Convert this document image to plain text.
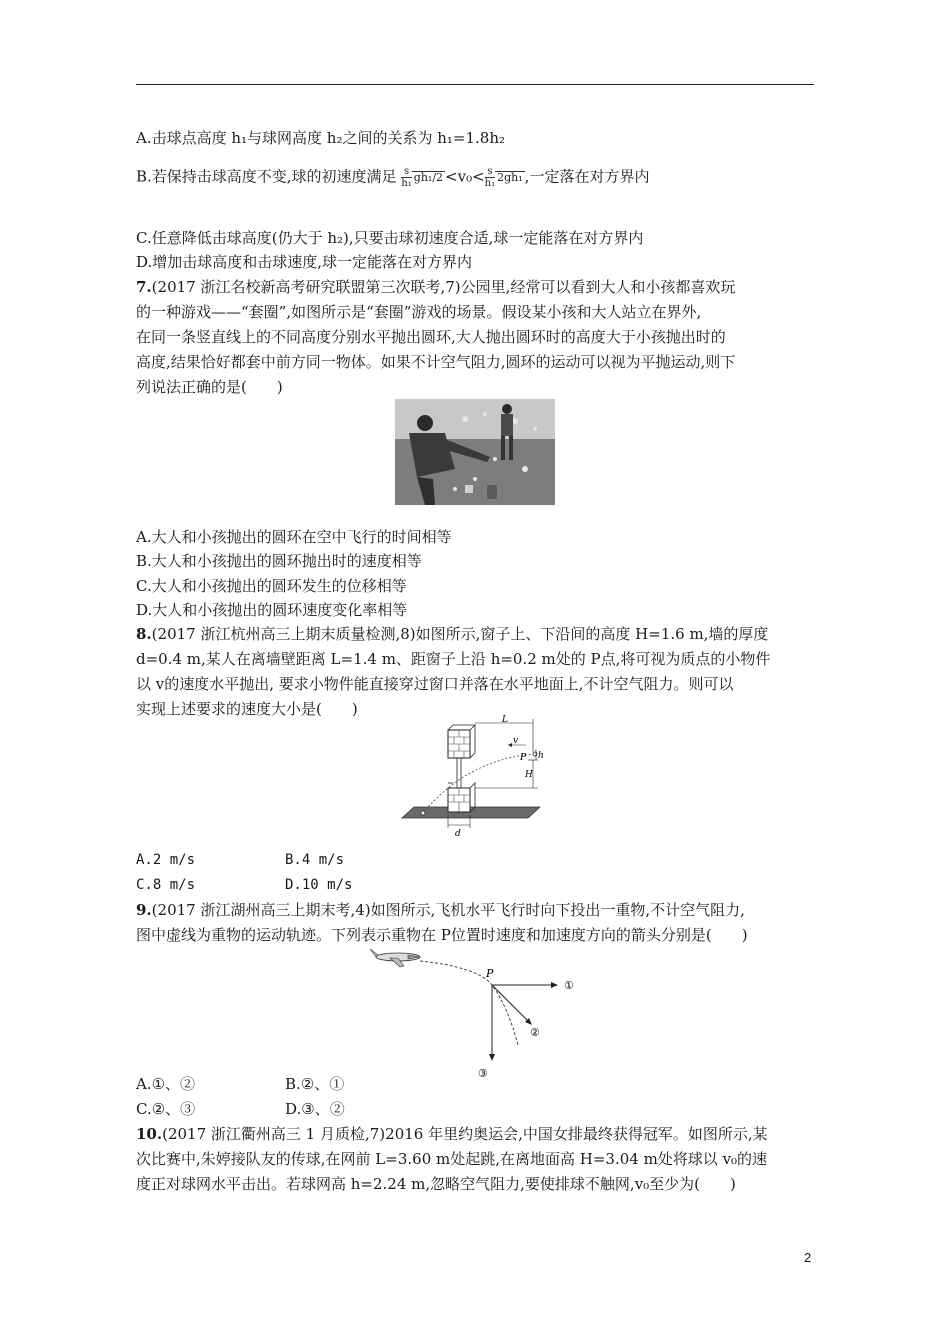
A.击球点高度 h₁与球网高度 h₂之间的关系为 h₁=1.8h₂
B.若保持击球高度不变,球的初速度满足 $\frac{s}{\text{h₁}} gh_1/2 <v_0< \frac{s}{\text{h₁}} 2gh_1$ ,一定落在对方界内
C.任意降低击球高度(仍大于 h₂),只要击球初速度合适,球一定能落在对方界内
D.增加击球高度和击球速度,球一定能落在对方界内
7.(2017 浙江名校新高考研究联盟第三次联考,7)公园里,经常可以看到大人和小孩都喜欢玩
的一种游戏——“套圈”,如图所示是“套圈”游戏的场景。假设某小孩和大人站立在界外,
在同一条竖直线上的不同高度分别水平抛出圆环,大人抛出圆环时的高度大于小孩抛出时的
高度,结果恰好都套中前方同一物体。如果不计空气阻力,圆环的运动可以视为平抛运动,则下
列说法正确的是(　　)
A.大人和小孩抛出的圆环在空中飞行的时间相等
B.大人和小孩抛出的圆环抛出时的速度相等
C.大人和小孩抛出的圆环发生的位移相等
D.大人和小孩抛出的圆环速度变化率相等
8.(2017 浙江杭州高三上期末质量检测,8)如图所示,窗子上、下沿间的高度 H=1.6 m,墙的厚度
d=0.4 m,某人在离墙壁距离 L=1.4 m、距窗子上沿 h=0.2 m处的 P点,将可视为质点的小物件
以 v的速度水平抛出, 要求小物件能直接穿过窗口并落在水平地面上,不计空气阻力。则可以
实现上述要求的速度大小是(　　)
L
v
P h
H
d
A.2 m/s	B.4 m/s
C.8 m/s	D.10 m/s
9.(2017 浙江湖州高三上期末考,4)如图所示,飞机水平飞行时向下投出一重物,不计空气阻力,
图中虚线为重物的运动轨迹。下列表示重物在 P位置时速度和加速度方向的箭头分别是(　　)
P
①
②
③
A.①、②	B.②、①
C.②、③	D.③、②
10.(2017 浙江衢州高三 1 月质检,7)2016 年里约奥运会,中国女排最终获得冠军。如图所示,某
次比赛中,朱婷接队友的传球,在网前 L=3.60 m处起跳,在离地面高 H=3.04 m处将球以 v₀的速
度正对球网水平击出。若球网高 h=2.24 m,忽略空气阻力,要使排球不触网,v₀至少为(　　)
2
